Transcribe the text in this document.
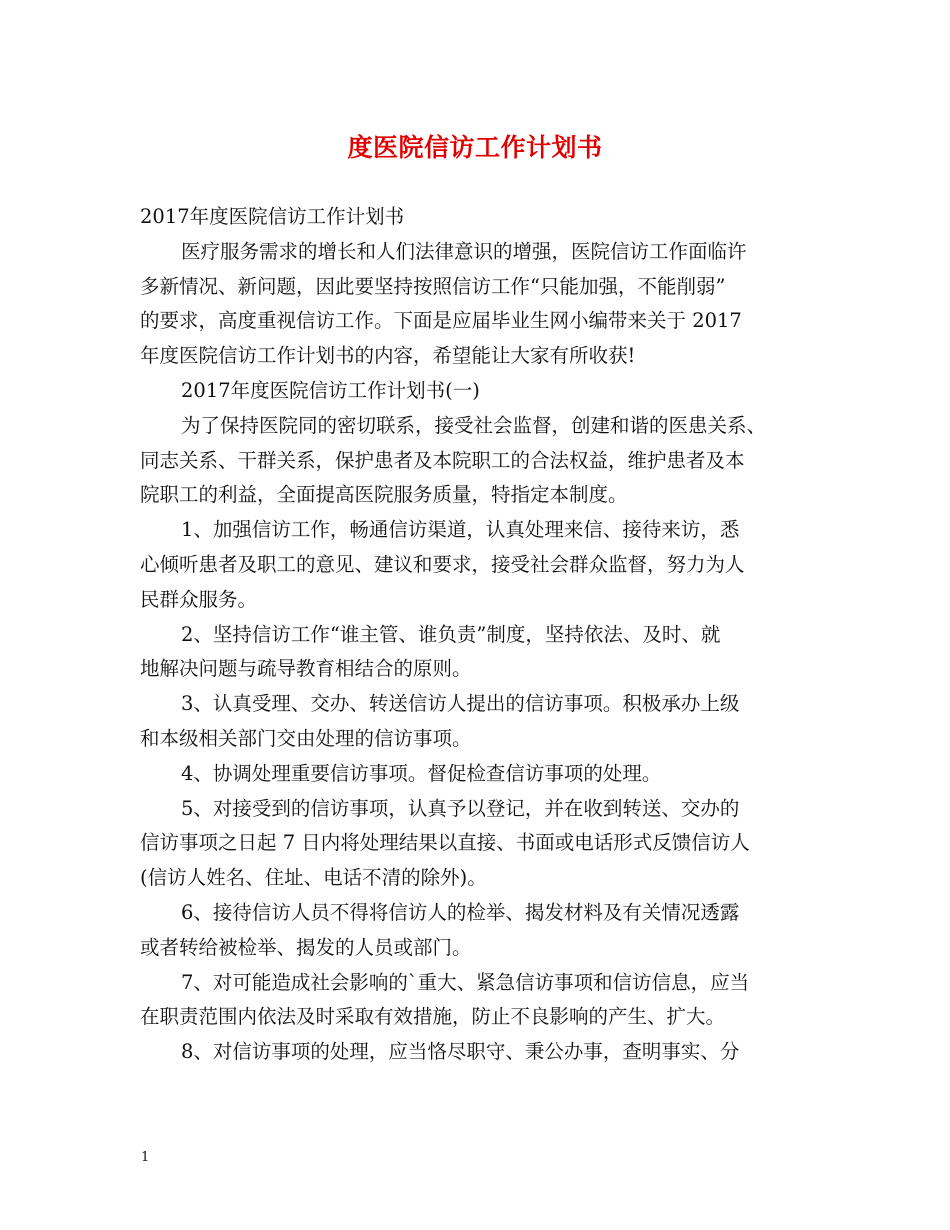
度医院信访工作计划书
2017年度医院信访工作计划书
医疗服务需求的增长和人们法律意识的增强，医院信访工作面临许
多新情况、新问题，因此要坚持按照信访工作“只能加强，不能削弱”
的要求，高度重视信访工作。下面是应届毕业生网小编带来关于 2017
年度医院信访工作计划书的内容，希望能让大家有所收获!
2017年度医院信访工作计划书(一)
为了保持医院同的密切联系，接受社会监督，创建和谐的医患关系、
同志关系、干群关系，保护患者及本院职工的合法权益，维护患者及本
院职工的利益，全面提高医院服务质量，特指定本制度。
1、加强信访工作，畅通信访渠道，认真处理来信、接待来访，悉
心倾听患者及职工的意见、建议和要求，接受社会群众监督，努力为人
民群众服务。
2、坚持信访工作“谁主管、谁负责”制度，坚持依法、及时、就
地解决问题与疏导教育相结合的原则。
3、认真受理、交办、转送信访人提出的信访事项。积极承办上级
和本级相关部门交由处理的信访事项。
4、协调处理重要信访事项。督促检查信访事项的处理。
5、对接受到的信访事项，认真予以登记，并在收到转送、交办的
信访事项之日起 7 日内将处理结果以直接、书面或电话形式反馈信访人
(信访人姓名、住址、电话不清的除外)。
6、接待信访人员不得将信访人的检举、揭发材料及有关情况透露
或者转给被检举、揭发的人员或部门。
7、对可能造成社会影响的`重大、紧急信访事项和信访信息，应当
在职责范围内依法及时采取有效措施，防止不良影响的产生、扩大。
8、对信访事项的处理，应当恪尽职守、秉公办事，查明事实、分
1
